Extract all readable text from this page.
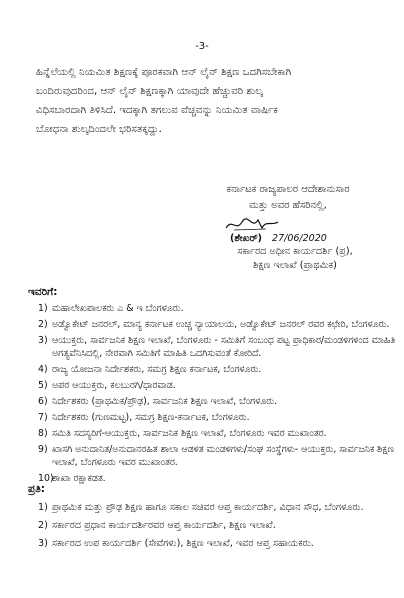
-3-
ಹಿನ್ನೆಲೆಯಲ್ಲಿ ನಿಯಮಿತ ಶಿಕ್ಷಣಕ್ಕೆ ಪೂರಕವಾಗಿ ಆನ್ ಲೈನ್ ಶಿಕ್ಷಣ ಒದಗಿಸಬೇಕಾಗಿ
ಬಂದಿರುವುದರಿಂದ, ಆನ್ ಲೈನ್ ಶಿಕ್ಷಣಕ್ಕಾಗಿ ಯಾವುದೇ ಹೆಚ್ಚುವರಿ ಶುಲ್ಕ
ವಿಧಿಸಬಾರದಾಗಿ ತಿಳಿಸಿದೆ. ಇದಕ್ಕಾಗಿ ತಗಲುವ ವೆಚ್ಚವನ್ನು ನಿಯಮಿತ ವಾರ್ಷಿಕ
ಬೋಧನಾ ಶುಲ್ಕದಿಂದಲೇ ಭರಿಸತಕ್ಕದ್ದು.
ಕರ್ನಾಟಕ ರಾಜ್ಯಪಾಲರ ಆದೇಶಾನುಸಾರ
ಮತ್ತು ಅವರ ಹೆಸರಿನಲ್ಲಿ,
(ಶೇಖರ್) 27/06/2020
ಸರ್ಕಾರದ ಅಧೀನ ಕಾರ್ಯದರ್ಶಿ (ಪ್ರ),
ಶಿಕ್ಷಣ ಇಲಾಖೆ (ಪ್ರಾಥಮಿಕ)
ಇವರಿಗೆ:
1) ಮಹಾಲೇಖಪಾಲಕರು ಎ & ಇ ಬೆಂಗಳೂರು.
2) ಅಡ್ವೊಕೇಟ್ ಜನರಲ್, ಮಾನ್ಯ ಕರ್ನಾಟಕ ಉಚ್ಚ ನ್ಯಾಯಾಲಯ, ಅಡ್ವೊಕೇಟ್ ಜನರಲ್ ರವರ ಕಛೇರಿ, ಬೆಂಗಳೂರು.
3) ಆಯುಕ್ತರು, ಸಾರ್ವಜನಿಕ ಶಿಕ್ಷಣ ಇಲಾಖೆ, ಬೆಂಗಳೂರು - ಸಮಿತಿಗೆ ಸಂಬಂಧ ಪಟ್ಟ ಪ್ರಾಧಿಕಾರ/ಮಂಡಳಿಗಳಿಂದ ಮಾಹಿತಿ ಅಗತ್ಯವೆನಿಸಿದಲ್ಲಿ, ನೇರವಾಗಿ ಸಮಿತಿಗೆ ಮಾಹಿತಿ ಒದಗಿಸುವಂತೆ ಕೋರಿದೆ.
4) ರಾಜ್ಯ ಯೋಜನಾ ನಿರ್ದೇಶಕರು, ಸಮಗ್ರ ಶಿಕ್ಷಣ ಕರ್ನಾಟಕ, ಬೆಂಗಳೂರು.
5) ಅಪರ ಆಯುಕ್ತರು, ಕಲಬುರಗಿ/ಧಾರವಾಡ.
6) ನಿರ್ದೇಶಕರು (ಪ್ರಾಥಮಿಕ/ಪ್ರೌಢ), ಸಾರ್ವಜನಿಕ ಶಿಕ್ಷಣ ಇಲಾಖೆ, ಬೆಂಗಳೂರು.
7) ನಿರ್ದೇಶಕರು (ಗುಣಮಟ್ಟ), ಸಮಗ್ರ ಶಿಕ್ಷಣ-ಕರ್ನಾಟಕ, ಬೆಂಗಳೂರು.
8) ಸಮಿತಿ ಸದಸ್ಯರಿಗೆ-ಆಯುಕ್ತರು, ಸಾರ್ವಜನಿಕ ಶಿಕ್ಷಣ ಇಲಾಖೆ, ಬೆಂಗಳೂರು ಇವರ ಮುಖಾಂತರ.
9) ಖಾಸಗಿ ಅನುದಾನಿತ/ಅನುದಾನರಹಿತ ಶಾಲಾ ಆಡಳಿತ ಮಂಡಳಿಗಳು/ಸಂಘ ಸಂಸ್ಥೆಗಳು- ಆಯುಕ್ತರು, ಸಾರ್ವಜನಿಕ ಶಿಕ್ಷಣ ಇಲಾಖೆ, ಬೆಂಗಳೂರು ಇವರ ಮುಖಾಂತರ.
10)
ಶಾಖಾ ರಕ್ಷಾಕಡತ.
ಪ್ರತಿ:
1) ಪ್ರಾಥಮಿಕ ಮತ್ತು ಪ್ರೌಢ ಶಿಕ್ಷಣ ಹಾಗೂ ಸಕಾಲ ಸಚಿವರ ಆಪ್ತ ಕಾರ್ಯದರ್ಶಿ, ವಿಧಾನ ಸೌಧ, ಬೆಂಗಳೂರು.
2) ಸರ್ಕಾರದ ಪ್ರಧಾನ ಕಾರ್ಯದರ್ಶಿರವರ ಆಪ್ತ ಕಾರ್ಯದರ್ಶಿ, ಶಿಕ್ಷಣ ಇಲಾಖೆ.
3) ಸರ್ಕಾರದ ಉಪ ಕಾರ್ಯದರ್ಶಿ (ಸೇವೆಗಳು), ಶಿಕ್ಷಣ ಇಲಾಖೆ, ಇವರ ಆಪ್ತ ಸಹಾಯಕರು.
